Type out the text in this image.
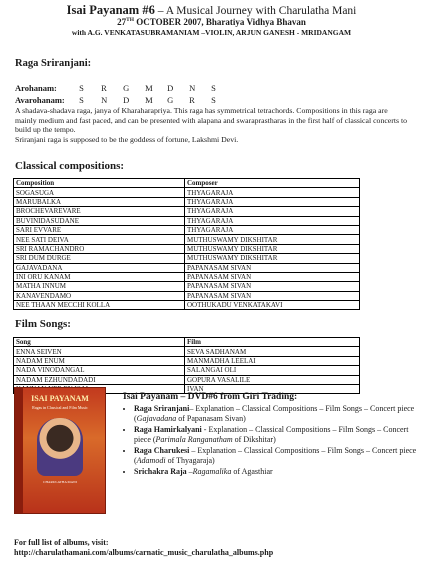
Isai Payanam #6 – A Musical Journey with Charulatha Mani
27TH OCTOBER 2007, Bharatiya Vidhya Bhavan
with A.G. VENKATASUBRAMANIAM –VIOLIN, ARJUN GANESH - MRIDANGAM
Raga Sriranjani:
Arohanam:	S R G M D N S
Avarohanam: S N D M G R S
A shadava-shadava raga, janya of Kharaharapriya. This raga has symmetrical tetrachords. Compositions in this raga are mainly medium and fast paced, and can be presented with alapana and swaraprastharas in the first half of classical concerts to build up the tempo.
Sriranjani raga is supposed to be the goddess of fortune, Lakshmi Devi.
Classical compositions:
Composition	Composer
SOGASUGA	THYAGARAJA
MARUBALKA	THYAGARAJA
BROCHEVAREVARE	THYAGARAJA
BUVINIDASUDANE	THYAGARAJA
SARI EVVARE	THYAGARAJA
NEE SATI DEIVA	MUTHUSWAMY DIKSHITAR
SRI RAMACHANDRO	MUTHUSWAMY DIKSHITAR
SRI DUM DURGE	MUTHUSWAMY DIKSHITAR
GAJAVADANA	PAPANASAM SIVAN
INI ORU KANAM	PAPANASAM SIVAN
MATHA INNUM	PAPANASAM SIVAN
KANAVENDAMO	PAPANASAM SIVAN
NEE THAAN MECCHI KOLLA	OOTHUKADU VENKATAKAVI
Film Songs:
Song	Film
ENNA SEIVEN	SEVA SADHANAM
NADAM ENUM	MANMADHA LEELAI
NADA VINODANGAL	SALANGAI OLI
NADAM EZHUNDADADI	GOPURA VASALILE
	IVAN
ISAI PAYANAM
Ragas in Classical and Film Music
CHARULATHA MANI
Isai Payanam – DVD#6 from Giri Trading:
• Raga Sriranjani– Explanation – Classical Compositions – Film Songs – Concert piece (Gajavadana of Papanasam Sivan)
• Raga Hamirkalyani - Explanation – Classical Compositions – Film Songs – Concert piece (Parimala Ranganatham of Dikshitar)
• Raga Charukesi – Explanation – Classical Compositions – Film Songs – Concert piece (Adamodi of Thyagaraja)
• Srichakra Raja –Ragamalika of Agasthiar
For full list of albums, visit:
http://charulathamani.com/albums/carnatic_music_charulatha_albums.php
